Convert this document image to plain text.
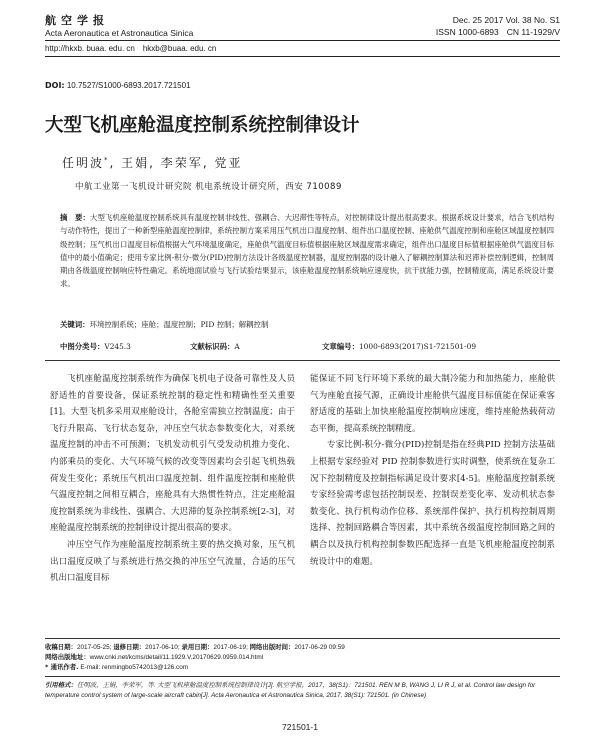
航空学报
Acta Aeronautica et Astronautica Sinica
Dec. 25 2017 Vol. 38 No. S1
ISSN 1000-6893 CN 11-1929/V
http://hkxb. buaa. edu. cn hkxb@buaa. edu. cn
DOI: 10.7527/S1000-6893.2017.721501
大型飞机座舱温度控制系统控制律设计
任明波*, 王娟, 李荣军, 党亚
中航工业第一飞机设计研究院 机电系统设计研究所，西安 710089
摘　要：大型飞机座舱温度控制系统具有温度控制非线性、强耦合、大迟滞性等特点，对控制律设计提出很高要求。根据系统设计要求，结合飞机结构与动作特性，提出了一种新型座舱温度控制律，系统控制方案采用压气机出口温度控制、组件出口温度控制、座舱供气温度控制和座舱区域温度控制四级控制；压气机出口温度目标值根据大气环境温度确定，座舱供气温度目标值根据座舱区域温度需求确定，组件出口温度目标值根据座舱供气温度目标值中的最小值确定；使用专家比例-积分-微分(PID)控制方法设计各级温度控制器，温度控制器的设计融入了解耦控制算法和迟滞补偿控制逻辑，控制周期由各级温度控制响应特性确定。系统地面试验与飞行试验结果显示，该座舱温度控制系统响应速度快，抗干扰能力强，控制精度高，满足系统设计要求。
关键词：环境控制系统；座舱；温度控制；PID 控制；解耦控制
中图分类号：V245.3	文献标识码：A	文章编号：1000-6893(2017)S1-721501-09

飞机座舱温度控制系统作为确保飞机电子设备可靠性及人员舒适性的首要设备，保证系统控制的稳定性和精确性至关重要[1]。大型飞机多采用双座舱设计，各舱室需独立控制温度；由于飞行升限高、飞行状态复杂，冲压空气状态参数变化大，对系统温度控制的冲击不可预测；飞机发动机引气受发动机推力变化、内部乘员的变化、大气环境气候的改变等因素均会引起飞机热载荷发生变化；系统压气机出口温度控制、组件温度控制和座舱供气温度控制之间相互耦合，座舱具有大热惯性特点，注定座舱温度控制系统为非线性、强耦合、大迟滞的复杂控制系统[2-3]，对座舱温度控制系统的控制律设计提出很高的要求。

冲压空气作为座舱温度控制系统主要的热交换对象，压气机出口温度反映了与系统进行热交换的冲压空气流量，合适的压气机出口温度目标

能保证不同飞行环境下系统的最大制冷能力和加热能力，座舱供气为座舱直接气源，正确设计座舱供气温度目标值能在保证乘客舒适度的基础上加快座舱温度控制响应速度，维持座舱热载荷动态平衡，提高系统控制精度。

专家比例-积分-微分(PID)控制是指在经典PID 控制方法基础上根据专家经验对 PID 控制参数进行实时调整，使系统在复杂工况下控制精度及控制指标满足设计要求[4-5]。座舱温度控制系统专家经验需考虑包括控制误差、控制误差变化率、发动机状态参数变化、执行机构动作位移、系统部件保护、执行机构控制周期选择、控制回路耦合等因素，其中系统各级温度控制回路之间的耦合以及执行机构控制参数匹配选择一直是飞机座舱温度控制系统设计中的难题。

收稿日期：2017-05-25; 退修日期：2017-06-10; 录用日期：2017-06-19; 网络出版时间：2017-06-29 09:59
网络出版地址：www.cnki.net/kcms/detail/11.1929.V.20170629.0959.014.html
* 通讯作者. E-mail: renmingbo5742013@126.com
引用格式：任明波，王娟，李荣军，等. 大型飞机座舱温度控制系统控制律设计[J]. 航空学报，2017，38(S1)：721501. REN M B, WANG J, LI R J, et al. Control law design for temperature control system of large-scale aircraft cabin[J]. Acta Aeronautica et Astronautica Sinica, 2017, 38(S1): 721501. (in Chinese)
721501-1
